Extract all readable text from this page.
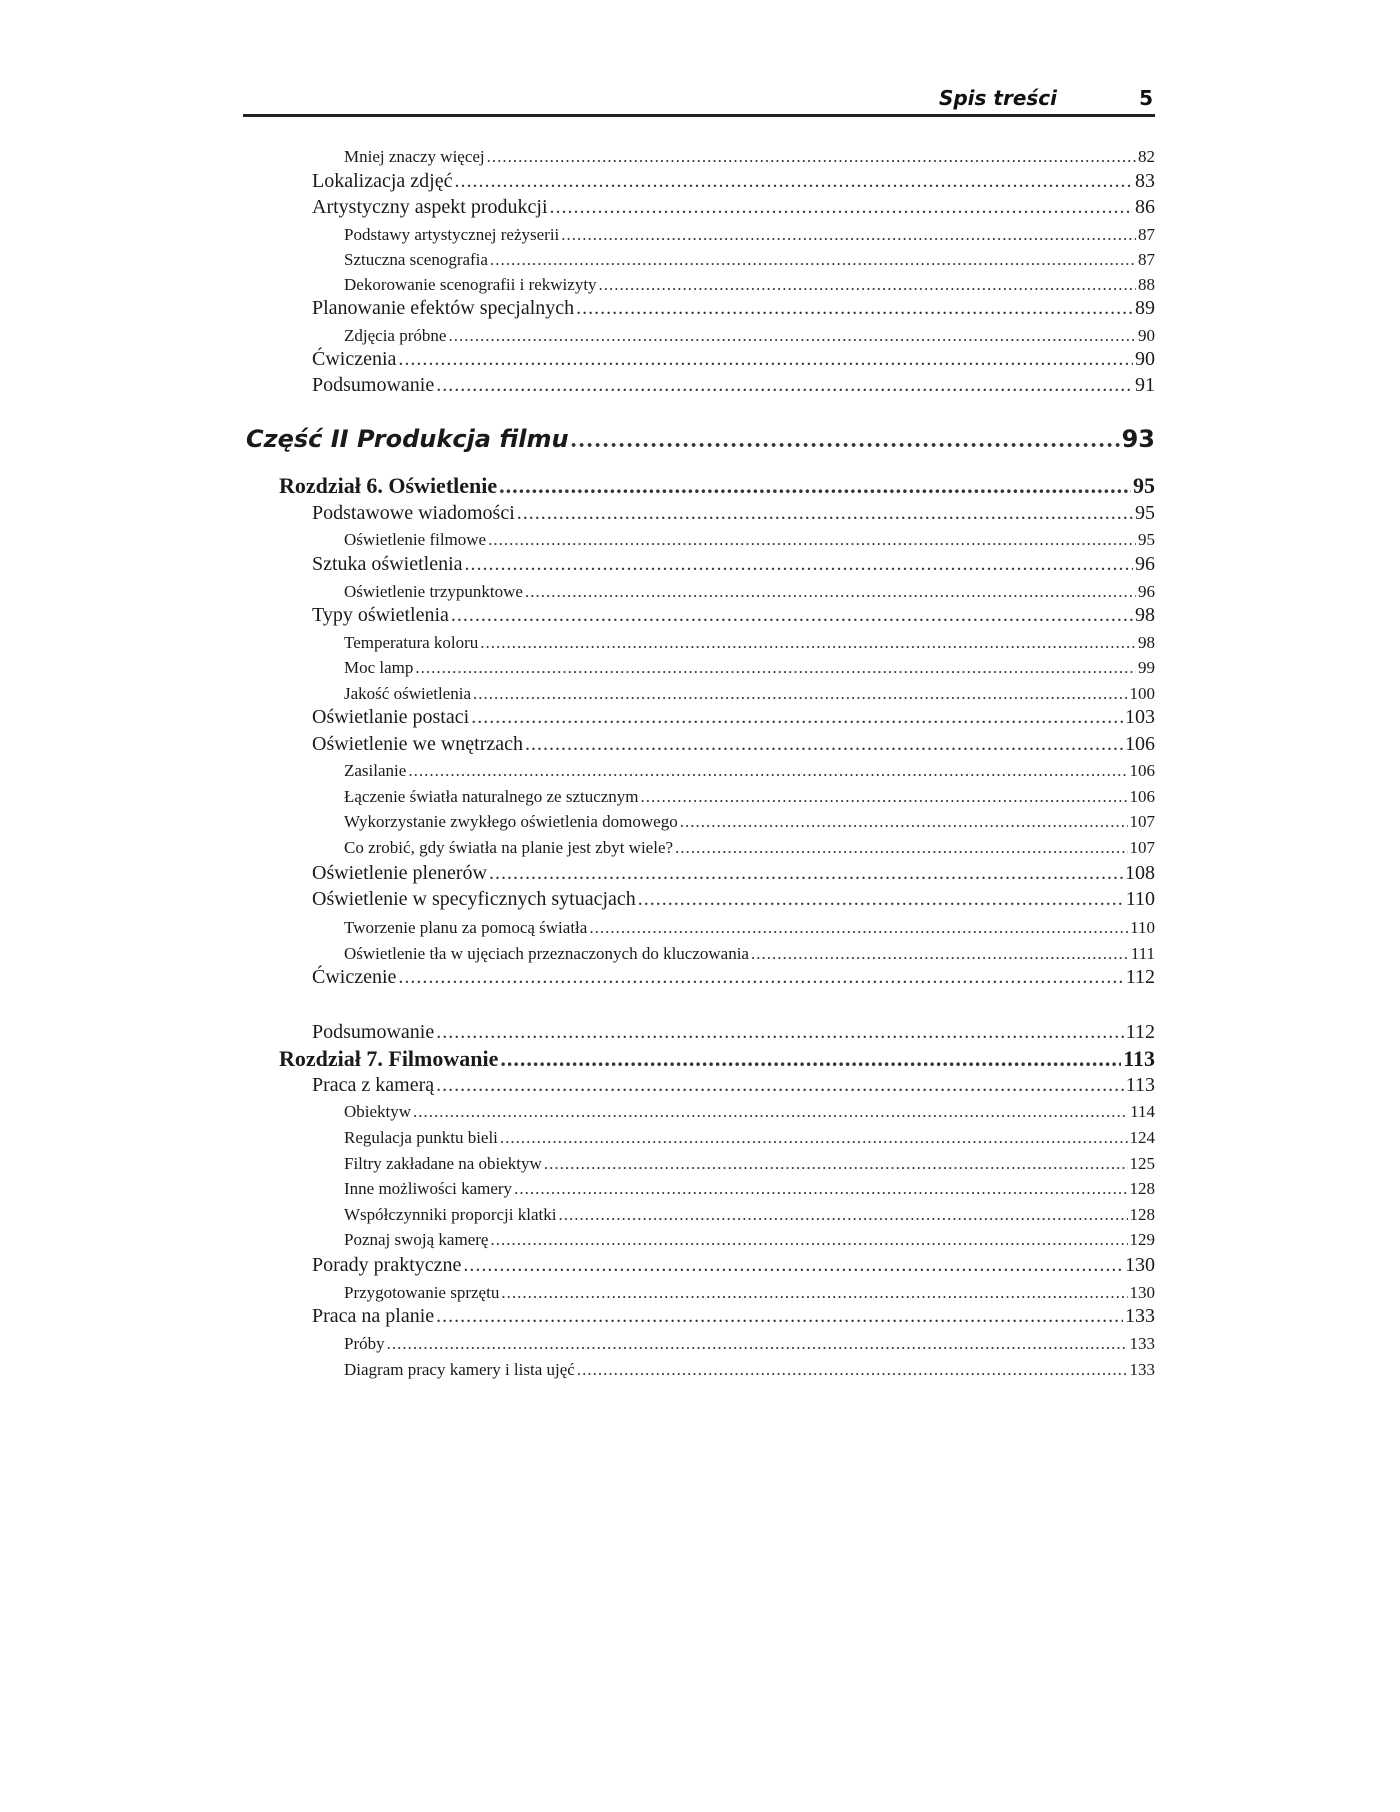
Spis treści	5
Mniej znaczy więcej .....	82
Lokalizacja zdjęć .....	83
Artystyczny aspekt produkcji .....	86
Podstawy artystycznej reżyserii .....	87
Sztuczna scenografia .....	87
Dekorowanie scenografii i rekwizyty .....	88
Planowanie efektów specjalnych .....	89
Zdjęcia próbne .....	90
Ćwiczenia .....	90
Podsumowanie .....	91
Część II Produkcja filmu .....	93
Rozdział 6. Oświetlenie .....	95
Podstawowe wiadomości .....	95
Oświetlenie filmowe .....	95
Sztuka oświetlenia .....	96
Oświetlenie trzypunktowe .....	96
Typy oświetlenia .....	98
Temperatura koloru .....	98
Moc lamp .....	99
Jakość oświetlenia .....	100
Oświetlanie postaci .....	103
Oświetlenie we wnętrzach .....	106
Zasilanie .....	106
Łączenie światła naturalnego ze sztucznym .....	106
Wykorzystanie zwykłego oświetlenia domowego .....	107
Co zrobić, gdy światła na planie jest zbyt wiele? .....	107
Oświetlenie plenerów .....	108
Oświetlenie w specyficznych sytuacjach .....	110
Tworzenie planu za pomocą światła .....	110
Oświetlenie tła w ujęciach przeznaczonych do kluczowania .....	111
Ćwiczenie .....	112
Podsumowanie .....	112
Rozdział 7. Filmowanie .....	113
Praca z kamerą .....	113
Obiektyw .....	114
Regulacja punktu bieli .....	124
Filtry zakładane na obiektyw .....	125
Inne możliwości kamery .....	128
Współczynniki proporcji klatki .....	128
Poznaj swoją kamerę .....	129
Porady praktyczne .....	130
Przygotowanie sprzętu .....	130
Praca na planie .....	133
Próby .....	133
Diagram pracy kamery i lista ujęć .....	133
